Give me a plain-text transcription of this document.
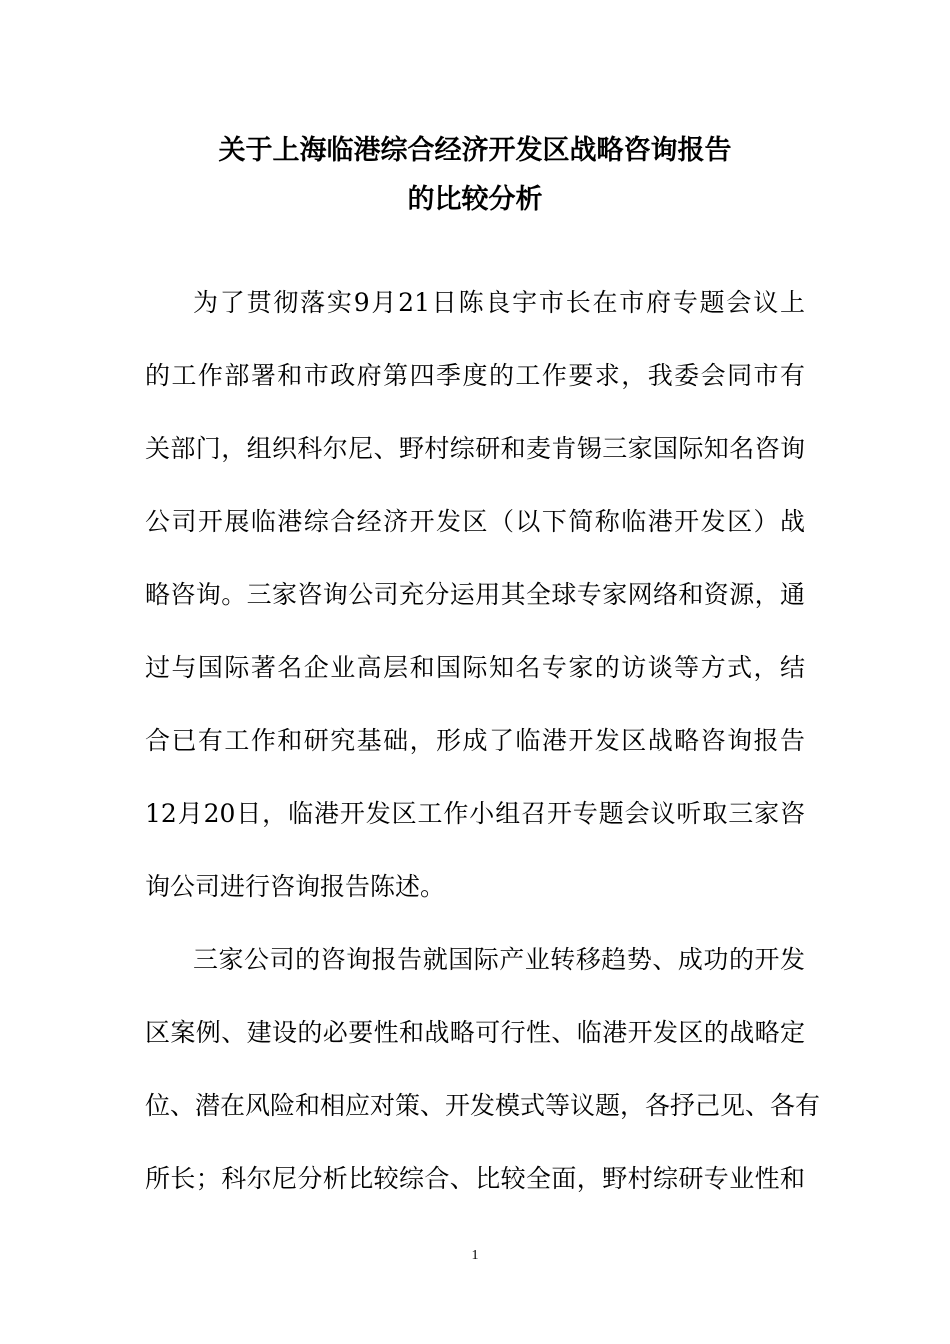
关于上海临港综合经济开发区战略咨询报告
的比较分析

为了贯彻落实9月21日陈良宇市长在市府专题会议上

的工作部署和市政府第四季度的工作要求，我委会同市有

关部门，组织科尔尼、野村综研和麦肯锡三家国际知名咨询

公司开展临港综合经济开发区（以下简称临港开发区）战

略咨询。三家咨询公司充分运用其全球专家网络和资源，通

过与国际著名企业高层和国际知名专家的访谈等方式，结

合已有工作和研究基础，形成了临港开发区战略咨询报告

12月20日，临港开发区工作小组召开专题会议听取三家咨

询公司进行咨询报告陈述。

三家公司的咨询报告就国际产业转移趋势、成功的开发

区案例、建设的必要性和战略可行性、临港开发区的战略定

位、潜在风险和相应对策、开发模式等议题，各抒己见、各有

所长；科尔尼分析比较综合、比较全面，野村综研专业性和

1
